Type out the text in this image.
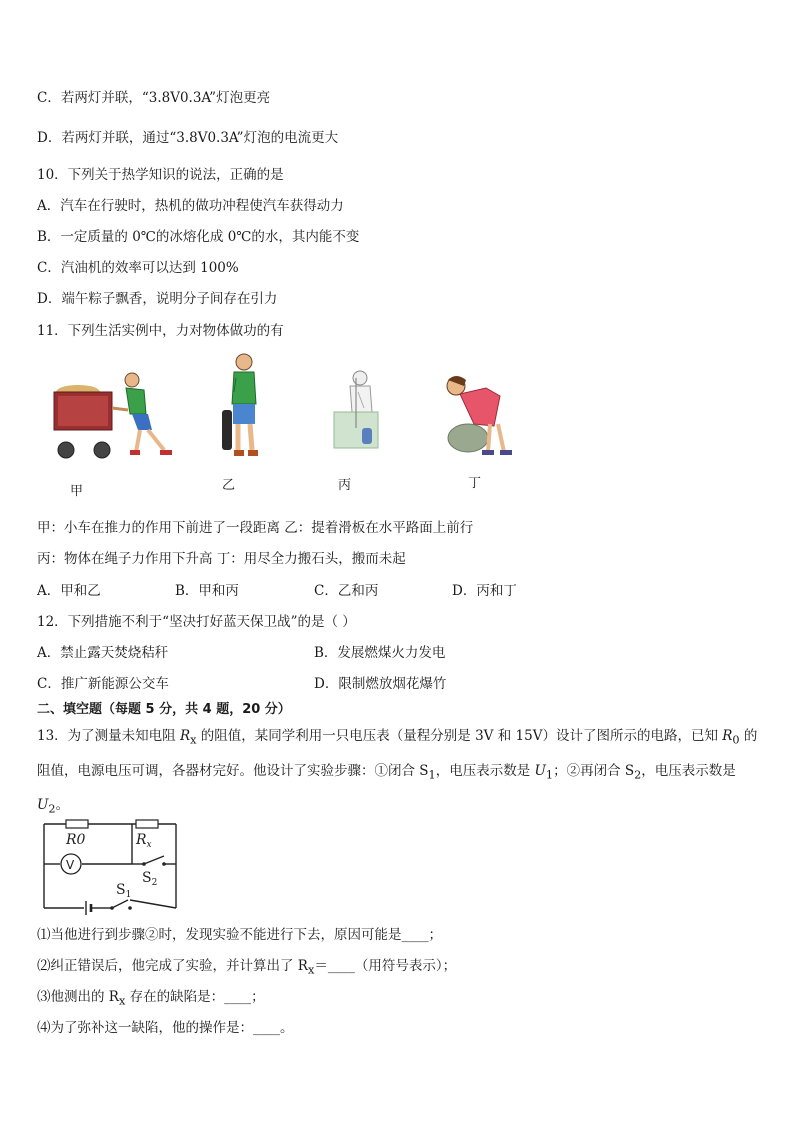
C．若两灯并联，“3.8V0.3A”灯泡更亮
D．若两灯并联，通过“3.8V0.3A”灯泡的电流更大
10．下列关于热学知识的说法，正确的是
A．汽车在行驶时，热机的做功冲程使汽车获得动力
B．一定质量的 0℃的冰熔化成 0℃的水，其内能不变
C．汽油机的效率可以达到 100%
D．端午粽子飘香，说明分子间存在引力
11．下列生活实例中，力对物体做功的有
甲	乙	丙	丁
甲：小车在推力的作用下前进了一段距离 乙：提着滑板在水平路面上前行
丙：物体在绳子力作用下升高 丁：用尽全力搬石头，搬而未起
A．甲和乙	B．甲和丙	C．乙和丙	D．丙和丁
12．下列措施不利于“坚决打好蓝天保卫战”的是（ ）
A．禁止露天焚烧秸秆	B．发展燃煤火力发电
C．推广新能源公交车	D．限制燃放烟花爆竹
二、填空题（每题 5 分，共 4 题，20 分）
13．为了测量未知电阻 $R_x$ 的阻值，某同学利用一只电压表（量程分别是 3V 和 15V）设计了图所示的电路，已知 $R_0$ 的阻值，电源电压可调，各器材完好。他设计了实验步骤：①闭合 $S_1$，电压表示数是 $U_1$；②再闭合 $S_2$，电压表示数是 $U_2$。
R0	$R_x$
V
$S_1$
$S_2$
⑴当他进行到步骤②时，发现实验不能进行下去，原因可能是____；
⑵纠正错误后，他完成了实验，并计算出了 $R_x=\_\_\_\_$（用符号表示）；
⑶他测出的 $R_x$ 存在的缺陷是：____；
⑷为了弥补这一缺陷，他的操作是：____。
